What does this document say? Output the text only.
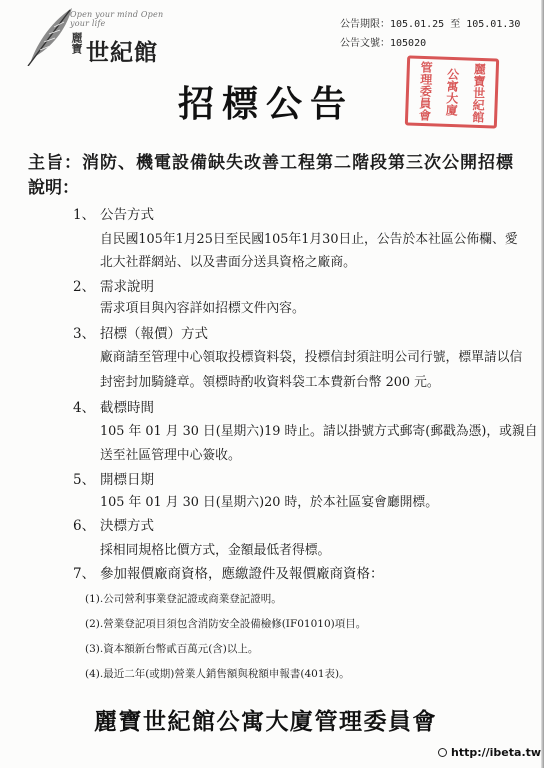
Open your mind Open your life
麗寶 世紀館
公告期限：105.01.25 至 105.01.30
公告文號：105020
麗寶世紀館
公寓大廈
管理委員會
招標公告
主旨：消防、機電設備缺失改善工程第二階段第三次公開招標
說明：
1、 公告方式
自民國105年1月25日至民國105年1月30日止，公告於本社區公佈欄、愛
北大社群網站、以及書面分送具資格之廠商。
2、 需求說明
需求項目與內容詳如招標文件內容。
3、 招標（報價）方式
廠商請至管理中心領取投標資料袋，投標信封須註明公司行號，標單請以信
封密封加騎縫章。領標時酌收資料袋工本費新台幣 200 元。
4、 截標時間
105 年 01 月 30 日(星期六)19 時止。請以掛號方式郵寄(郵戳為憑)，或親自
送至社區管理中心簽收。
5、 開標日期
105 年 01 月 30 日(星期六)20 時，於本社區宴會廳開標。
6、 決標方式
採相同規格比價方式，金額最低者得標。
7、 參加報價廠商資格，應繳證件及報價廠商資格：
(1).公司營利事業登記證或商業登記證明。
(2).營業登記項目須包含消防安全設備檢修(IF01010)項目。
(3).資本額新台幣貳百萬元(含)以上。
(4).最近二年(或期)營業人銷售額與稅額申報書(401表)。
麗寶世紀館公寓大廈管理委員會
http://ibeta.tw
